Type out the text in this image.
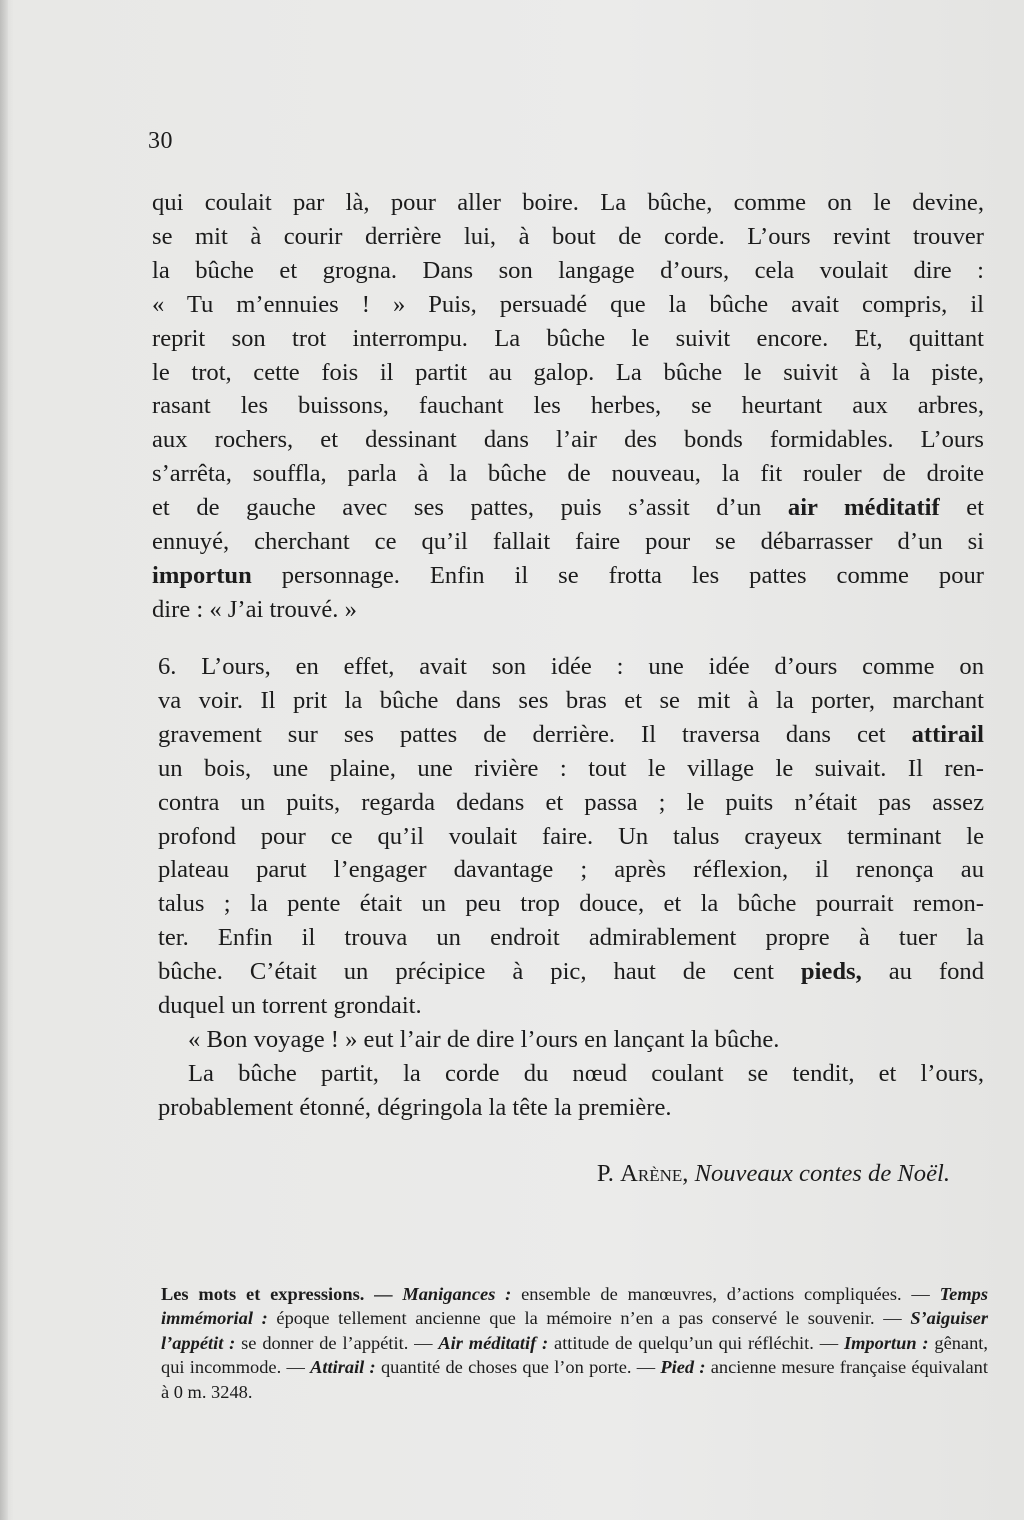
30

qui coulait par là, pour aller boire. La bûche, comme on le devine,

se mit à courir derrière lui, à bout de corde. L’ours revint trouver

la bûche et grogna. Dans son langage d’ours, cela voulait dire :

« Tu m’ennuies ! » Puis, persuadé que la bûche avait compris, il

reprit son trot interrompu. La bûche le suivit encore. Et, quittant

le trot, cette fois il partit au galop. La bûche le suivit à la piste,

rasant les buissons, fauchant les herbes, se heurtant aux arbres,

aux rochers, et dessinant dans l’air des bonds formidables. L’ours

s’arrêta, souffla, parla à la bûche de nouveau, la fit rouler de droite

et de gauche avec ses pattes, puis s’assit d’un air méditatif et

ennuyé, cherchant ce qu’il fallait faire pour se débarrasser d’un si

importun personnage. Enfin il se frotta les pattes comme pour

dire : « J’ai trouvé. »

6. L’ours, en effet, avait son idée : une idée d’ours comme on

va voir. Il prit la bûche dans ses bras et se mit à la porter, marchant

gravement sur ses pattes de derrière. Il traversa dans cet attirail

un bois, une plaine, une rivière : tout le village le suivait. Il ren-

contra un puits, regarda dedans et passa ; le puits n’était pas assez

profond pour ce qu’il voulait faire. Un talus crayeux terminant le

plateau parut l’engager davantage ; après réflexion, il renonça au

talus ; la pente était un peu trop douce, et la bûche pourrait remon-

ter. Enfin il trouva un endroit admirablement propre à tuer la

bûche. C’était un précipice à pic, haut de cent pieds, au fond

duquel un torrent grondait.

« Bon voyage ! » eut l’air de dire l’ours en lançant la bûche.

La bûche partit, la corde du nœud coulant se tendit, et l’ours,

probablement étonné, dégringola la tête la première.

P. Arène, Nouveaux contes de Noël.
Les mots et expressions. — Manigances : ensemble de manœuvres, d’actions compliquées. — Temps immémorial : époque tellement ancienne que la mémoire n’en a pas conservé le souvenir. — S’aiguiser l’appétit : se donner de l’appétit. — Air méditatif : attitude de quelqu’un qui réfléchit. — Importun : gênant, qui incommode. — Attirail : quantité de choses que l’on porte. — Pied : ancienne mesure française équivalant à 0 m. 3248.
